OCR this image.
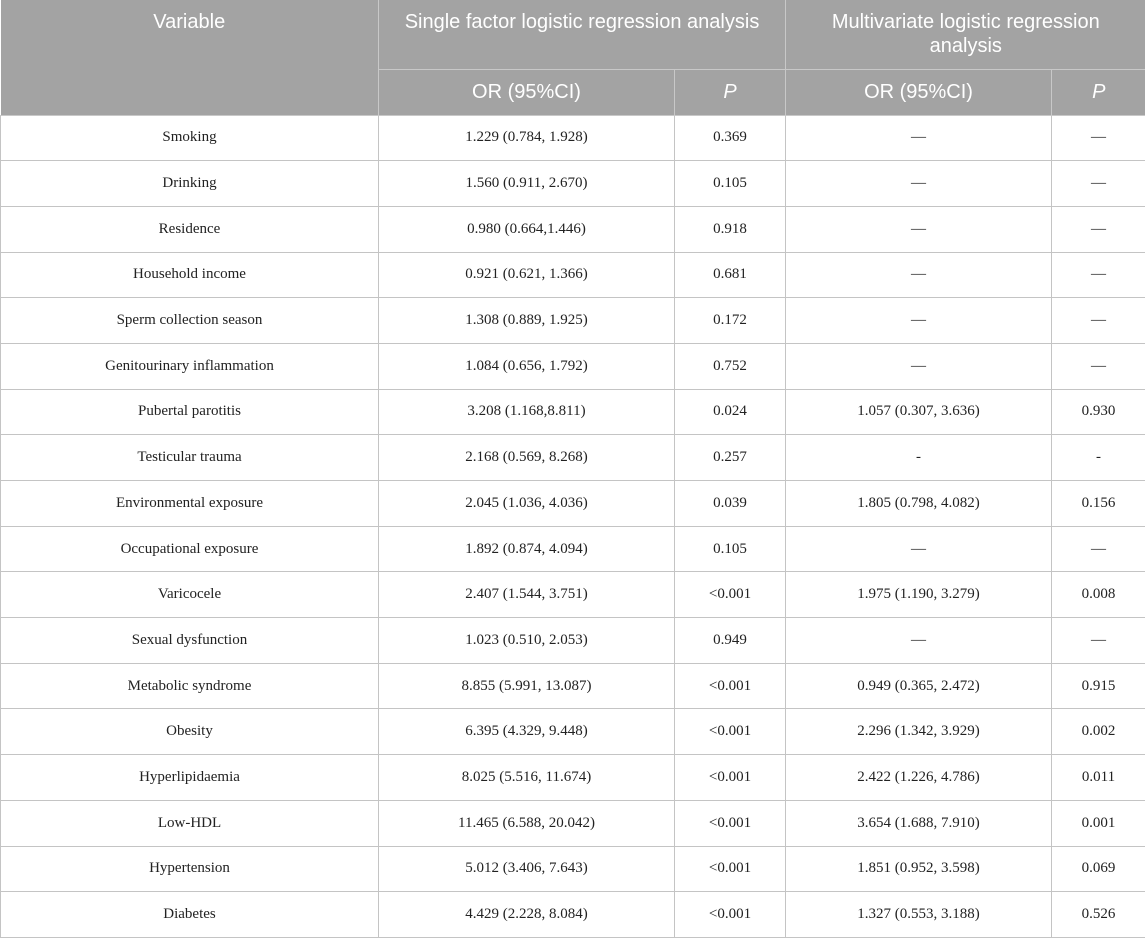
Variable	Single factor logistic regression analysis		Multivariate logistic regression analysis	
	OR (95%CI)	P	OR (95%CI)	P
Smoking	1.229 (0.784, 1.928)	0.369	—	—
Drinking	1.560 (0.911, 2.670)	0.105	—	—
Residence	0.980 (0.664,1.446)	0.918	—	—
Household income	0.921 (0.621, 1.366)	0.681	—	—
Sperm collection season	1.308 (0.889, 1.925)	0.172	—	—
Genitourinary inflammation	1.084 (0.656, 1.792)	0.752	—	—
Pubertal parotitis	3.208 (1.168,8.811)	0.024	1.057 (0.307, 3.636)	0.930
Testicular trauma	2.168 (0.569, 8.268)	0.257	-	-
Environmental exposure	2.045 (1.036, 4.036)	0.039	1.805 (0.798, 4.082)	0.156
Occupational exposure	1.892 (0.874, 4.094)	0.105	—	—
Varicocele	2.407 (1.544, 3.751)	<0.001	1.975 (1.190, 3.279)	0.008
Sexual dysfunction	1.023 (0.510, 2.053)	0.949	—	—
Metabolic syndrome	8.855 (5.991, 13.087)	<0.001	0.949 (0.365, 2.472)	0.915
Obesity	6.395 (4.329, 9.448)	<0.001	2.296 (1.342, 3.929)	0.002
Hyperlipidaemia	8.025 (5.516, 11.674)	<0.001	2.422 (1.226, 4.786)	0.011
Low-HDL	11.465 (6.588, 20.042)	<0.001	3.654 (1.688, 7.910)	0.001
Hypertension	5.012 (3.406, 7.643)	<0.001	1.851 (0.952, 3.598)	0.069
Diabetes	4.429 (2.228, 8.084)	<0.001	1.327 (0.553, 3.188)	0.526
